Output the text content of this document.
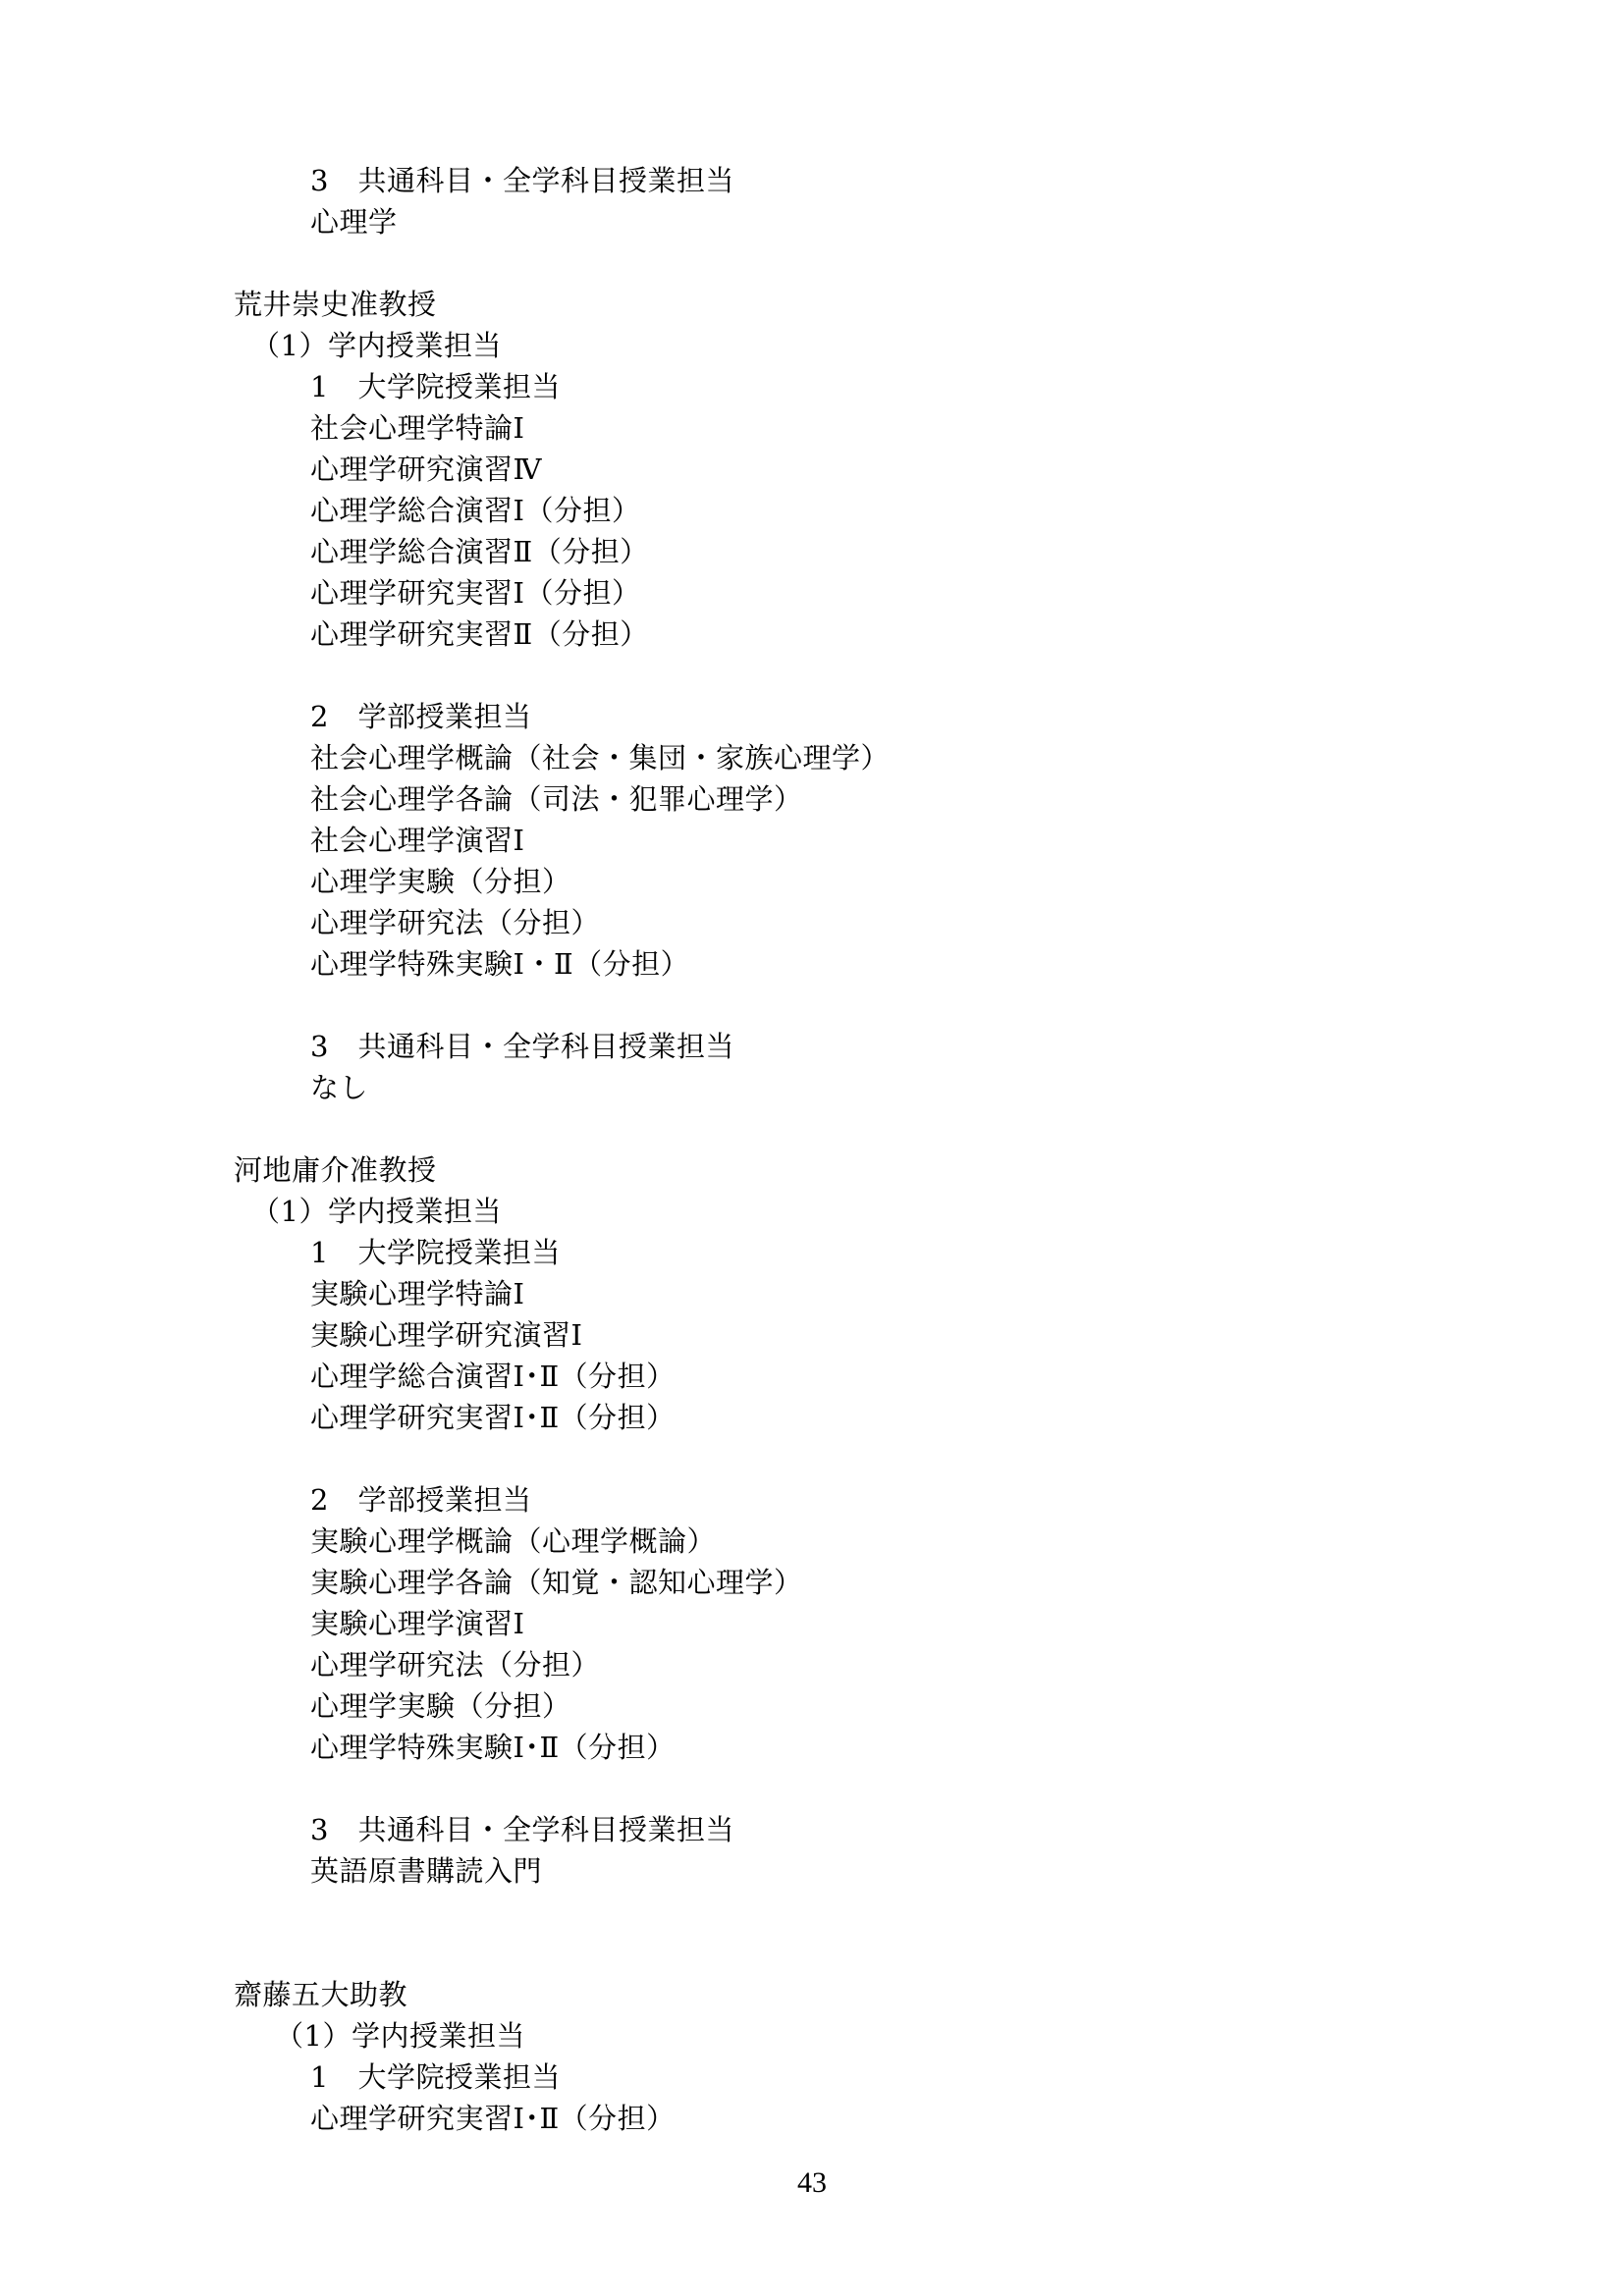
3　共通科目・全学科目授業担当
心理学
荒井崇史准教授
（1）学内授業担当
1　大学院授業担当
社会心理学特論Ⅰ
心理学研究演習Ⅳ
心理学総合演習Ⅰ（分担）
心理学総合演習Ⅱ（分担）
心理学研究実習Ⅰ（分担）
心理学研究実習Ⅱ（分担）
2　学部授業担当
社会心理学概論（社会・集団・家族心理学）
社会心理学各論（司法・犯罪心理学）
社会心理学演習Ⅰ
心理学実験（分担）
心理学研究法（分担）
心理学特殊実験Ⅰ・Ⅱ（分担）
3　共通科目・全学科目授業担当
なし
河地庸介准教授
（1）学内授業担当
1　大学院授業担当
実験心理学特論Ⅰ
実験心理学研究演習Ⅰ
心理学総合演習Ⅰ･Ⅱ（分担）
心理学研究実習Ⅰ･Ⅱ（分担）
2　学部授業担当
実験心理学概論（心理学概論）
実験心理学各論（知覚・認知心理学）
実験心理学演習Ⅰ
心理学研究法（分担）
心理学実験（分担）
心理学特殊実験Ⅰ･Ⅱ（分担）
3　共通科目・全学科目授業担当
英語原書購読入門
齋藤五大助教
（1）学内授業担当
1　大学院授業担当
心理学研究実習Ⅰ･Ⅱ（分担）
43
